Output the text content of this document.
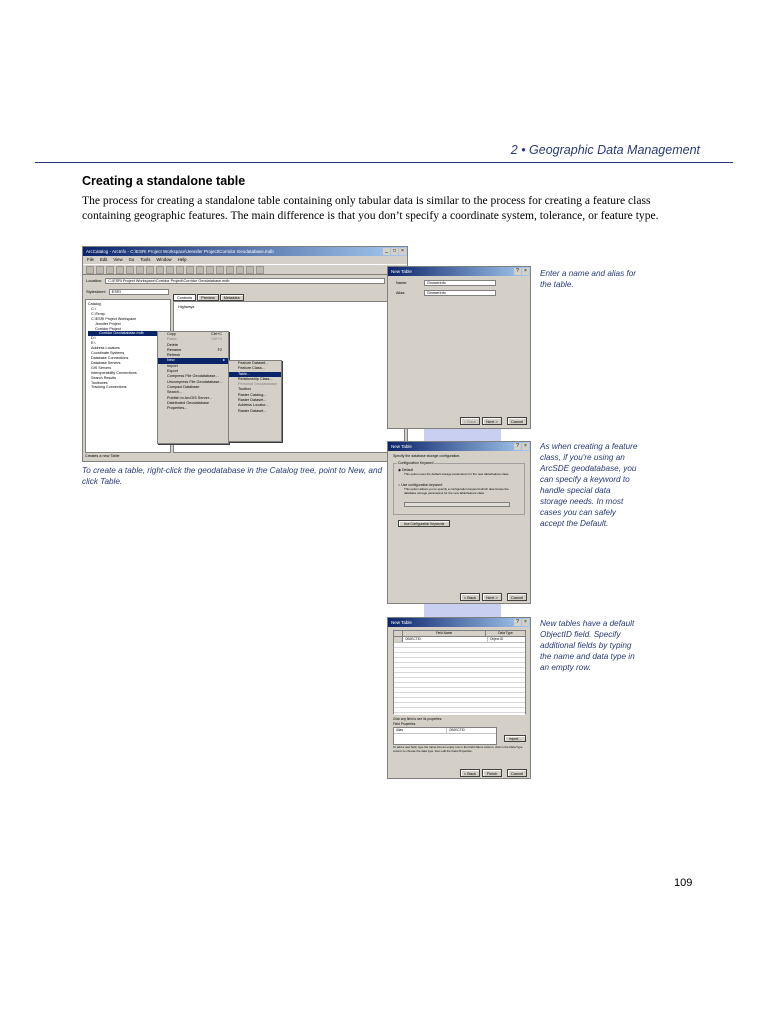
2 • Geographic Data Management
Creating a standalone table
The process for creating a standalone table containing only tabular data is similar to the process for creating a feature class containing geographic features. The main difference is that you don’t specify a coordinate system, tolerance, or feature type.
ArcCatalog - ArcInfo - C:\ESRI Project Workspace\Jennifer Project\Corridor Geodatabase.mdb	_	□	×
File Edit View Go Tools Window Help
Location:	C:\ESRI Project Workspace\Corridor Project\Corridor Geodatabase.mdb
Stylesheet:	ESRI
Catalog
C:\
C:\Temp
C:\ESRI Project Workspace
Jennifer Project
Corridor Project
Corridor Geodatabase.mdb
D:\
E:\
Address Locators
Coordinate Systems
Database Connections
Database Servers
GIS Servers
Interoperability Connections
Search Results
Toolboxes
Tracking Connections
Contents	Preview	Metadata
Highways
Creates a new Table
Copy	Ctrl+C
Paste	Ctrl+V
Delete
Rename	F2
Refresh
New	▸
Import
Export
Compress File Geodatabase...
Uncompress File Geodatabase...
Compact Database
Search...
Publish to ArcGIS Server...
Distributed Geodatabase
Properties...
Feature Dataset...
Feature Class...
Table...
Relationship Class...
Personal Geodatabase
Toolbox
Raster Catalog...
Raster Dataset...
Address Locator...
Raster Dataset...
To create a table, right-click the geodatabase in the Catalog tree, point to New, and click Table.
New Table	?	×
Name:	GrowerInfo
Alias:	GrowerInfo
< Back	Next >	Cancel
Enter a name and alias for the table.
New Table	?	×
Specify the database storage configuration.
Configuration Keyword
◉ Default
This option uses the default storage parameters for the new table/feature class.
○ Use configuration keyword
This option allows you to specify a configuration keyword which determines the database storage parameters for the new table/feature class.
Use Configuration Keywords
< Back	Next >	Cancel
As when creating a feature class, if you're using an ArcSDE geodatabase, you can specify a keyword to handle special data storage needs. In most cases you can safely accept the Default.
New Table	?	×
Field Name	Data Type
OBJECTID	Object ID
Click any field to see its properties.
Field Properties
Alias	OBJECTID
Import...
To add a new field, type the name into an empty row in the Field Name column, click in the Data Type column to choose the data type, then edit the Field Properties.
< Back	Finish	Cancel
New tables have a default ObjectID field. Specify additional fields by typing the name and data type in an empty row.
109
